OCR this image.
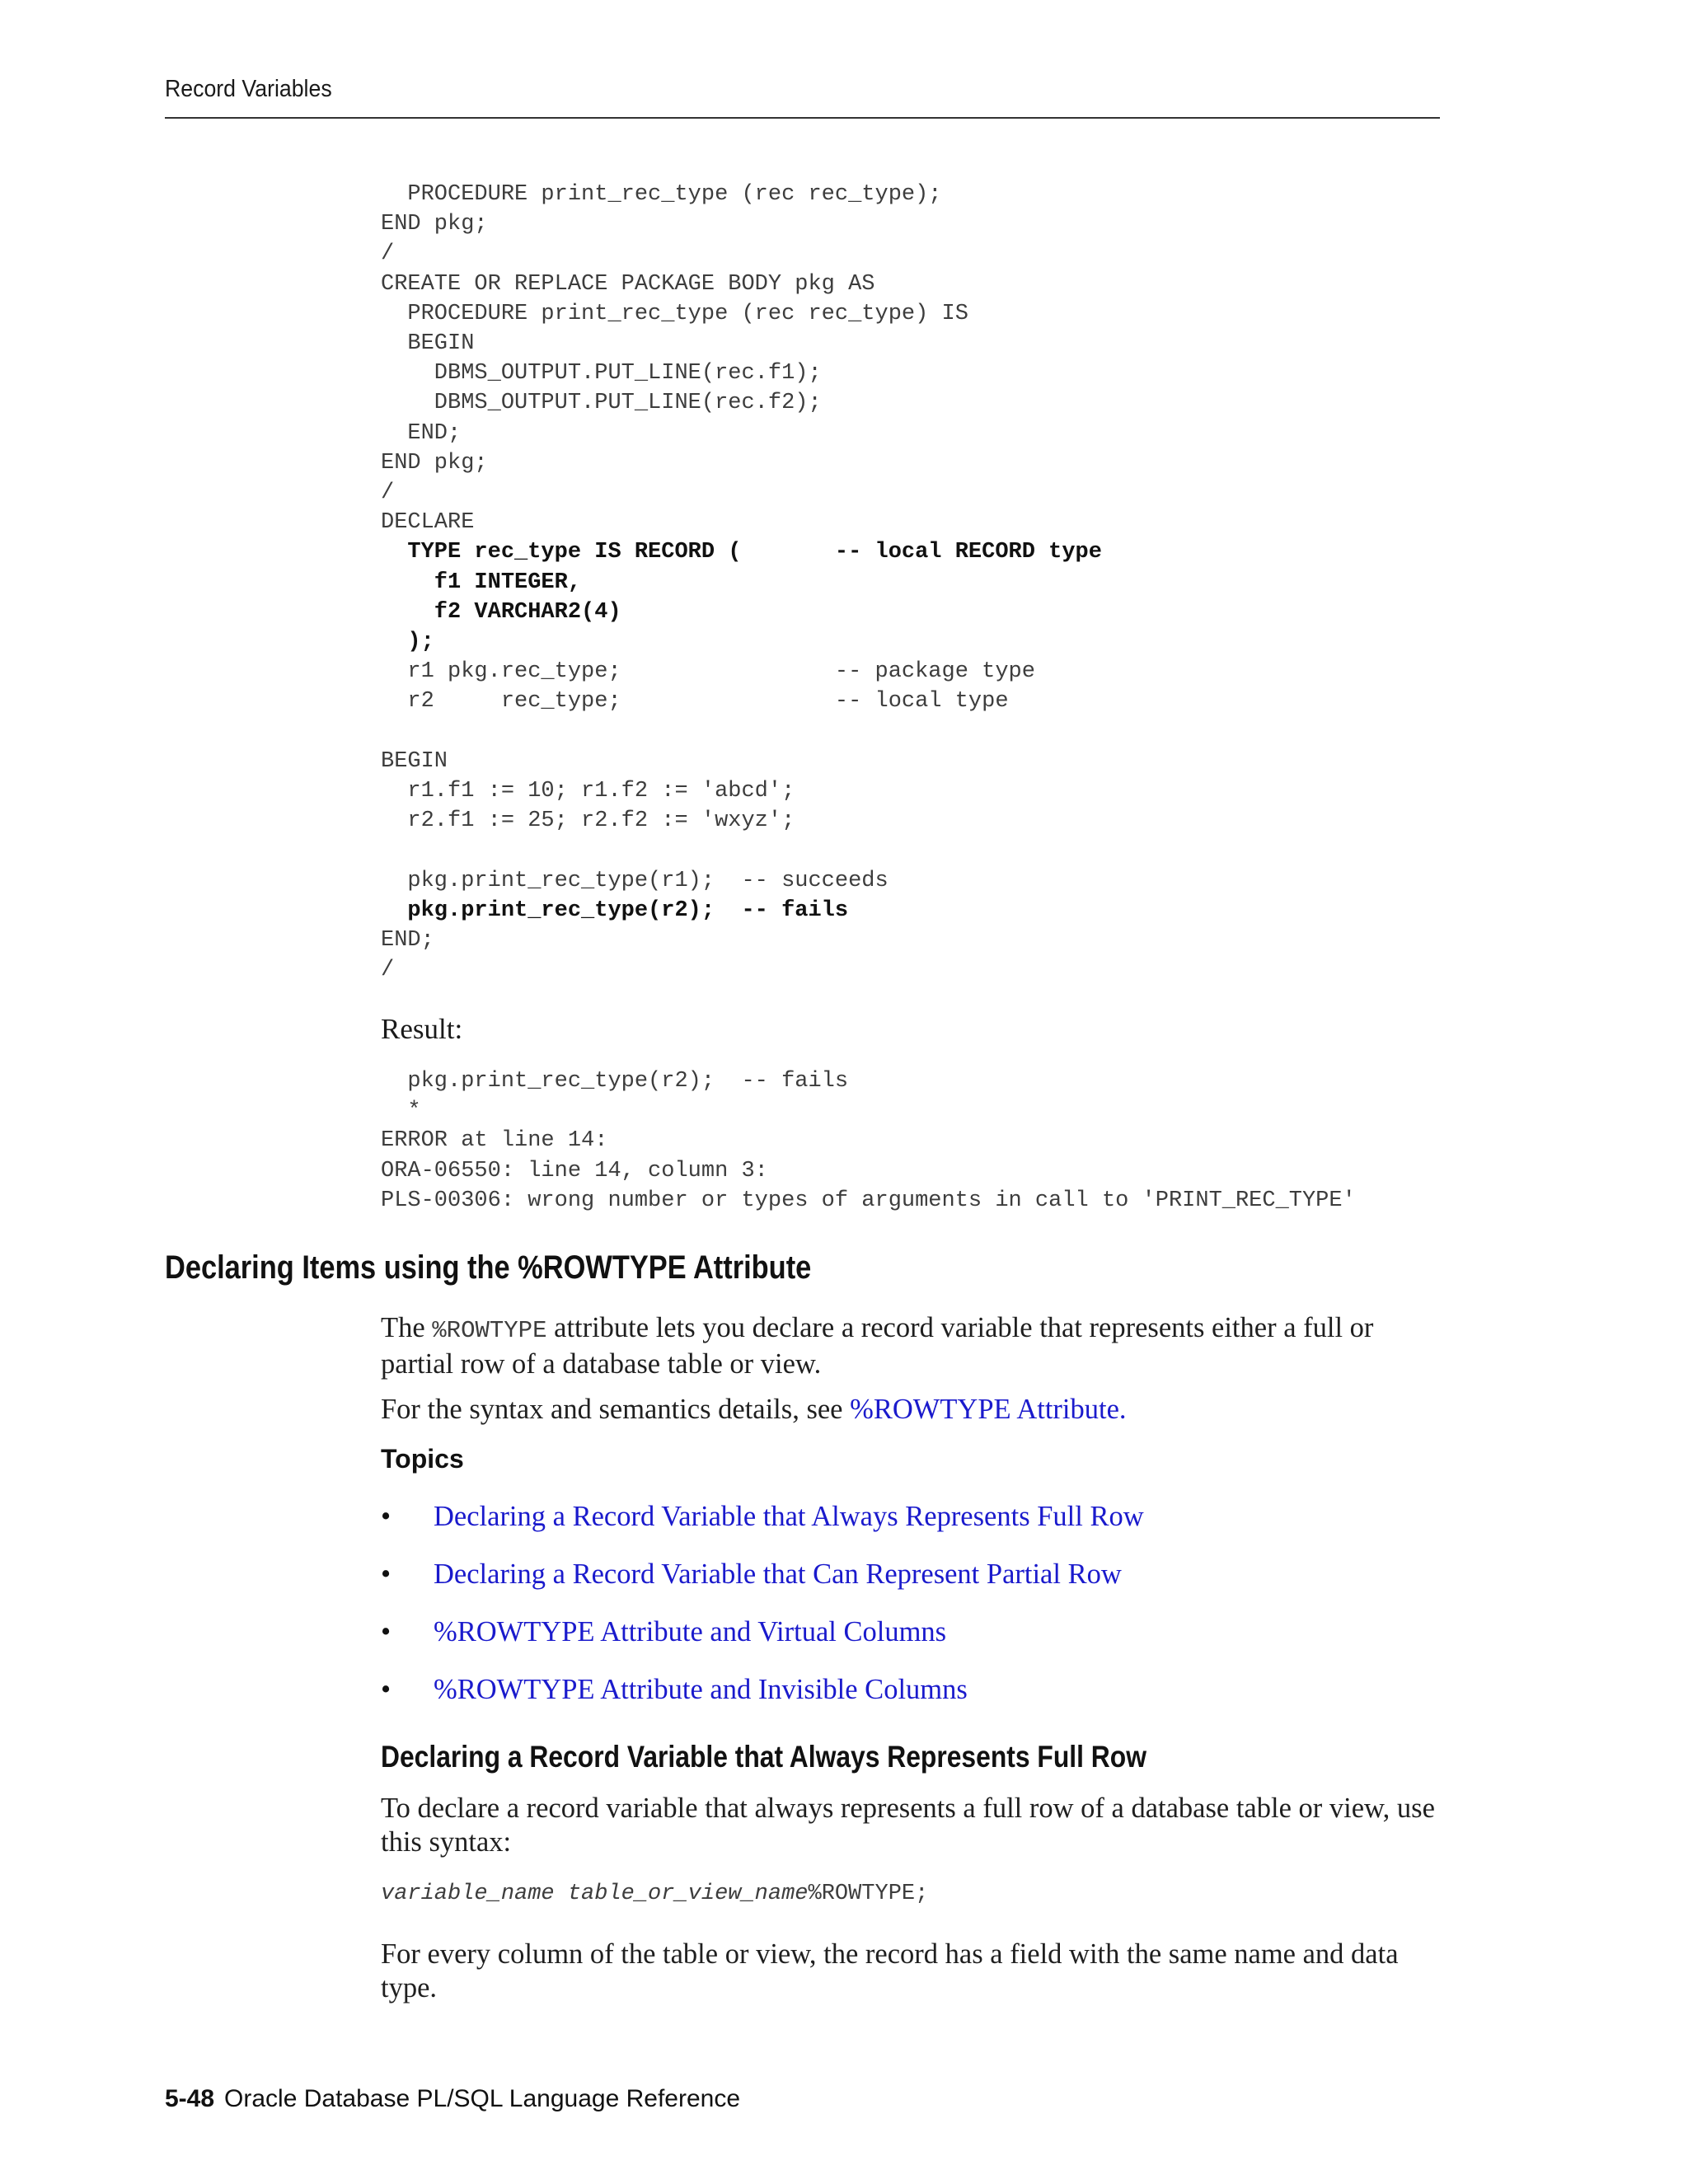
Record Variables
PROCEDURE print_rec_type (rec rec_type);
END pkg;
/
CREATE OR REPLACE PACKAGE BODY pkg AS
PROCEDURE print_rec_type (rec rec_type) IS
BEGIN
DBMS_OUTPUT.PUT_LINE(rec.f1);
DBMS_OUTPUT.PUT_LINE(rec.f2);
END;
END pkg;
/
DECLARE
TYPE rec_type IS RECORD (       -- local RECORD type
f1 INTEGER,
f2 VARCHAR2(4)
);
r1 pkg.rec_type;                -- package type
r2     rec_type;                -- local type

BEGIN
r1.f1 := 10; r1.f2 := 'abcd';
r2.f1 := 25; r2.f2 := 'wxyz';

pkg.print_rec_type(r1);  -- succeeds
pkg.print_rec_type(r2);  -- fails
END;
/
Result:
pkg.print_rec_type(r2);  -- fails
*
ERROR at line 14:
ORA-06550: line 14, column 3:
PLS-00306: wrong number or types of arguments in call to 'PRINT_REC_TYPE'
Declaring Items using the %ROWTYPE Attribute

The %ROWTYPE attribute lets you declare a record variable that represents either a full or partial row of a database table or view.

For the syntax and semantics details, see %ROWTYPE Attribute.

Topics
• Declaring a Record Variable that Always Represents Full Row
• Declaring a Record Variable that Can Represent Partial Row
• %ROWTYPE Attribute and Virtual Columns
• %ROWTYPE Attribute and Invisible Columns
Declaring a Record Variable that Always Represents Full Row

To declare a record variable that always represents a full row of a database table or view, use this syntax:

variable_name table_or_view_name%ROWTYPE;

For every column of the table or view, the record has a field with the same name and data type.

5-48 Oracle Database PL/SQL Language Reference
